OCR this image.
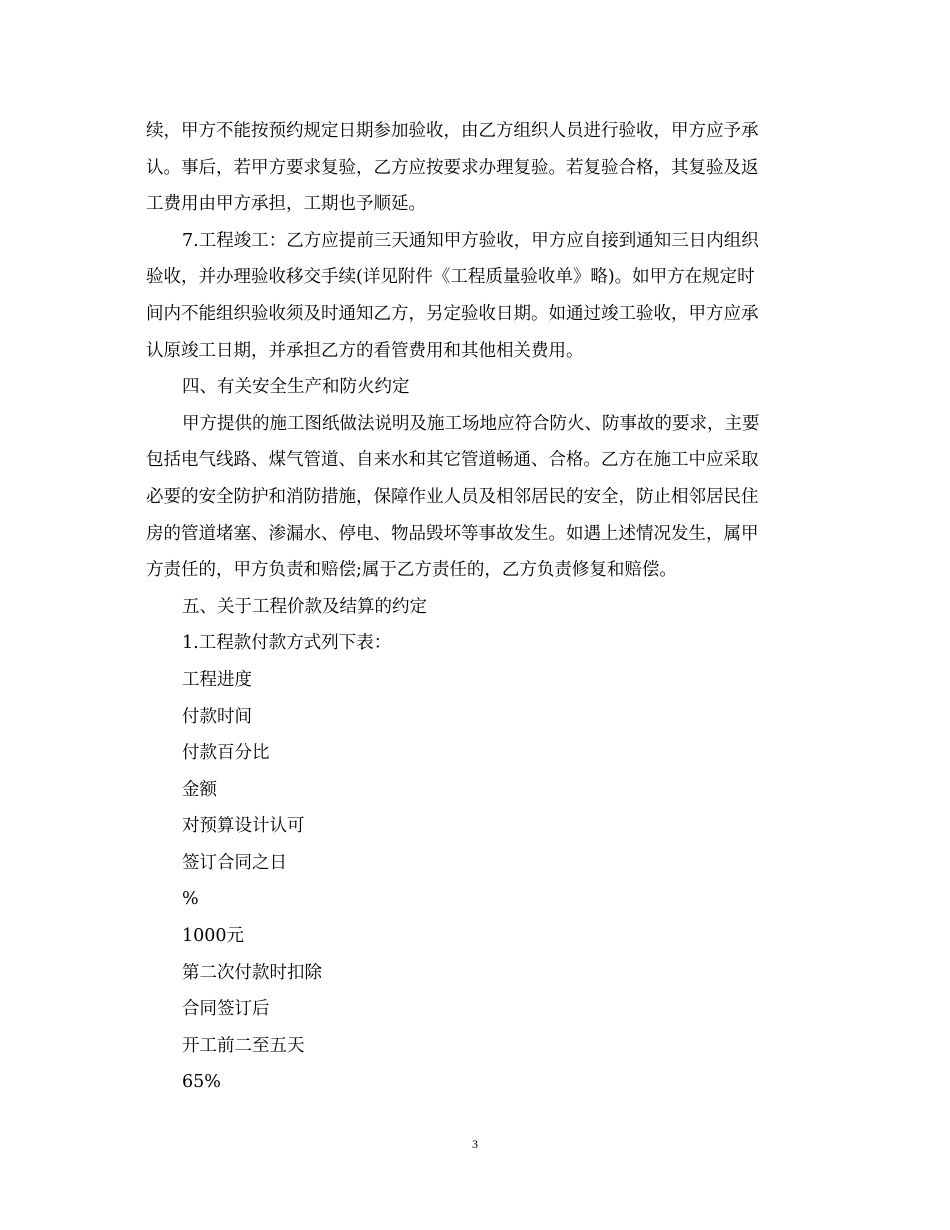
续，甲方不能按预约规定日期参加验收，由乙方组织人员进行验收，甲方应予承
认。事后，若甲方要求复验，乙方应按要求办理复验。若复验合格，其复验及返
工费用由甲方承担，工期也予顺延。
7.工程竣工：乙方应提前三天通知甲方验收，甲方应自接到通知三日内组织
验收，并办理验收移交手续(详见附件《工程质量验收单》略)。如甲方在规定时
间内不能组织验收须及时通知乙方，另定验收日期。如通过竣工验收，甲方应承
认原竣工日期，并承担乙方的看管费用和其他相关费用。
四、有关安全生产和防火约定
甲方提供的施工图纸做法说明及施工场地应符合防火、防事故的要求，主要
包括电气线路、煤气管道、自来水和其它管道畅通、合格。乙方在施工中应采取
必要的安全防护和消防措施，保障作业人员及相邻居民的安全，防止相邻居民住
房的管道堵塞、渗漏水、停电、物品毁坏等事故发生。如遇上述情况发生，属甲
方责任的，甲方负责和赔偿;属于乙方责任的，乙方负责修复和赔偿。
五、关于工程价款及结算的约定
1.工程款付款方式列下表：
工程进度
付款时间
付款百分比
金额
对预算设计认可
签订合同之日
%
1000元
第二次付款时扣除
合同签订后
开工前二至五天
65%
3
